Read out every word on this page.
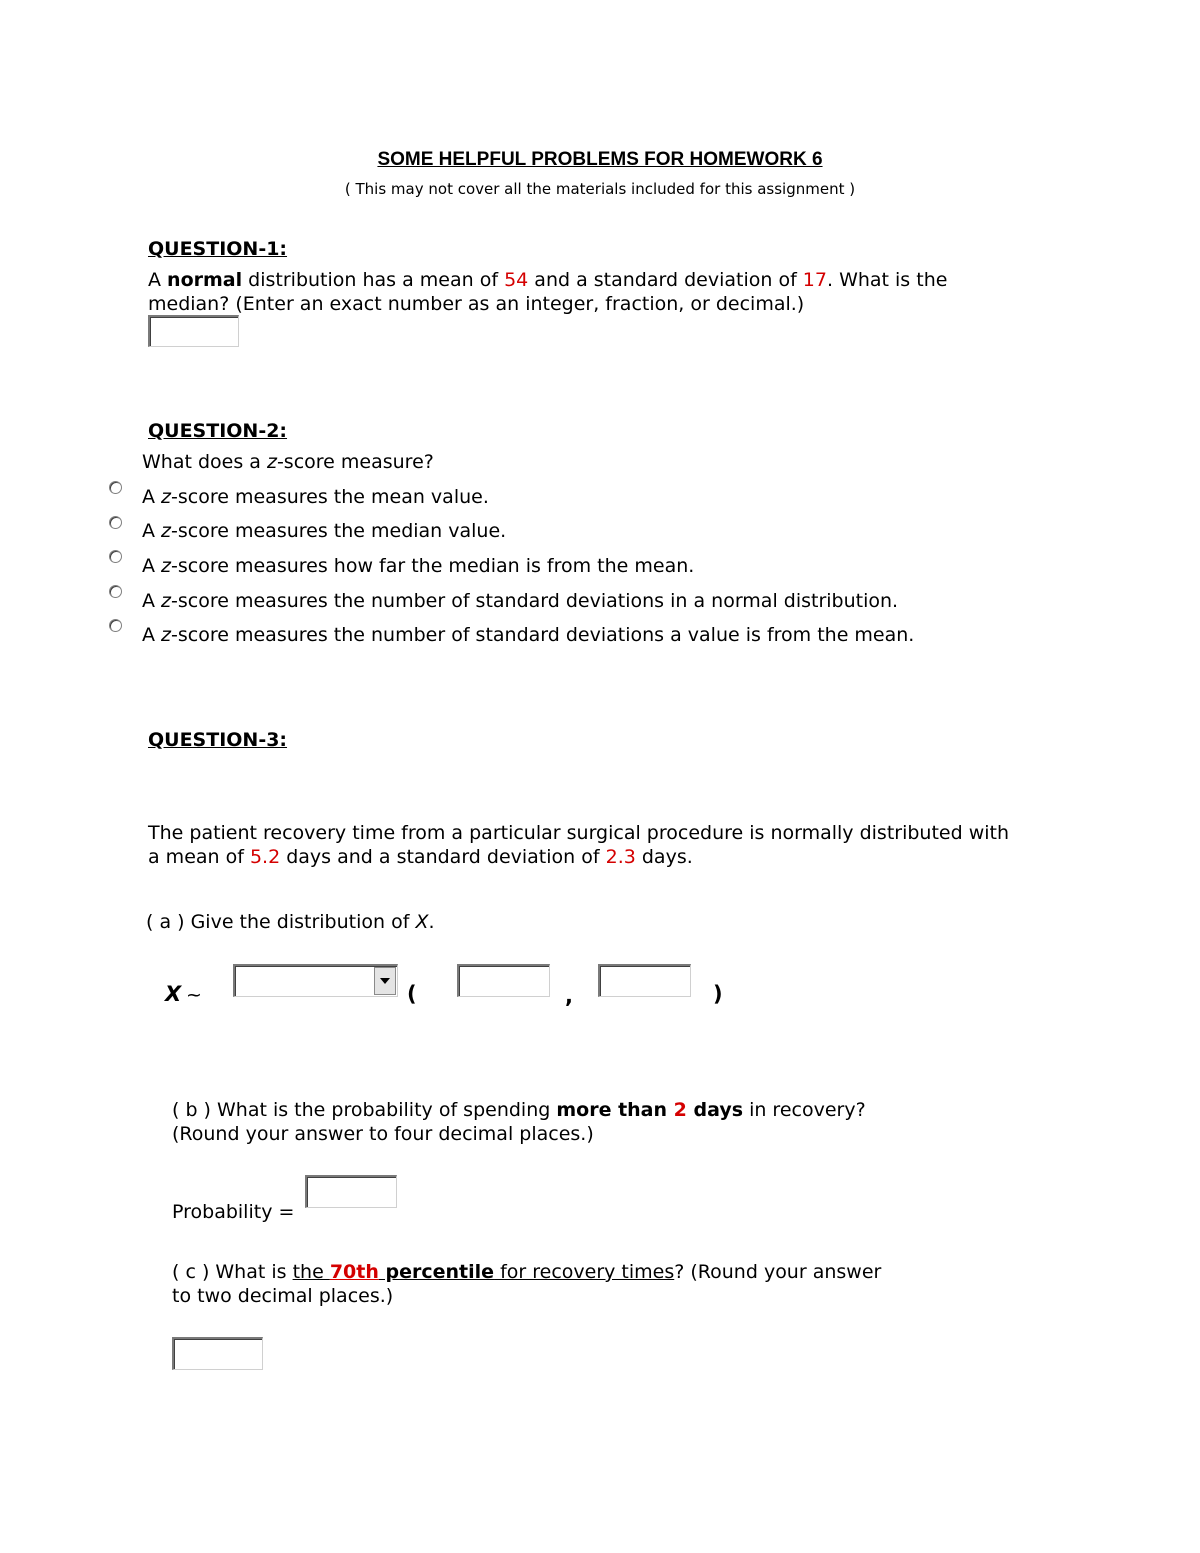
SOME HELPFUL PROBLEMS FOR HOMEWORK 6
( This may not cover all the materials included for this assignment )
QUESTION-1:
A normal distribution has a mean of 54 and a standard deviation of 17. What is the
median? (Enter an exact number as an integer, fraction, or decimal.)
QUESTION-2:
What does a z-score measure?
A z-score measures the mean value.
A z-score measures the median value.
A z-score measures how far the median is from the mean.
A z-score measures the number of standard deviations in a normal distribution.
A z-score measures the number of standard deviations a value is from the mean.
QUESTION-3:
The patient recovery time from a particular surgical procedure is normally distributed with
a mean of 5.2 days and a standard deviation of 2.3 days.
( a ) Give the distribution of X.
X ~	(	,	)
( b ) What is the probability of spending more than 2 days in recovery?
(Round your answer to four decimal places.)
Probability =
( c ) What is the 70th percentile for recovery times? (Round your answer
to two decimal places.)
